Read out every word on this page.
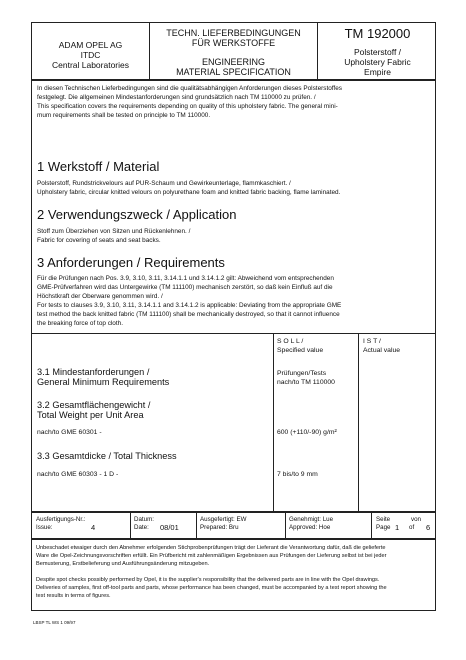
ADAM OPEL AG
ITDC
Central Laboratories
TECHN. LIEFERBEDINGUNGEN
FÜR WERKSTOFFE
ENGINEERING
MATERIAL SPECIFICATION
TM 192000
Polsterstoff /
Upholstery Fabric
Empire
In diesen Technischen Lieferbedingungen sind die qualitätsabhängigen Anforderungen dieses Polsterstoffes
festgelegt. Die allgemeinen Mindestanforderungen sind grundsätzlich nach TM 110000 zu prüfen. /
This specification covers the requirements depending on quality of this upholstery fabric. The general mini-
mum requirements shall be tested on principle to TM 110000.
1 Werkstoff / Material
Polsterstoff, Rundstrickvelours auf PUR-Schaum und Gewirkeunterlage, flammkaschiert. /
Upholstery fabric, circular knitted velours on polyurethane foam and knitted fabric backing, flame laminated.
2 Verwendungszweck / Application
Stoff zum Überziehen von Sitzen und Rückenlehnen. /
Fabric for covering of seats and seat backs.
3 Anforderungen / Requirements
Für die Prüfungen nach Pos. 3.9, 3.10, 3.11, 3.14.1.1 und 3.14.1.2 gilt: Abweichend vom entsprechenden
GME-Prüfverfahren wird das Untergewirke (TM 111100) mechanisch zerstört, so daß kein Einfluß auf die
Höchstkraft der Oberware genommen wird. /
For tests to clauses 3.9, 3.10, 3.11, 3.14.1.1 and 3.14.1.2 is applicable: Deviating from the appropriate GME
test method the back knitted fabric (TM 111100) shall be mechanically destroyed, so that it cannot influence
the breaking force of top cloth.
S O L L /
Specified value
I S T /
Actual value
3.1 Mindestanforderungen /
General Minimum Requirements
Prüfungen/Tests
nach/to TM 110000
3.2 Gesamtflächengewicht /
Total Weight per Unit Area
nach/to GME 60301 -	600 (+110/-90) g/m²
3.3 Gesamtdicke / Total Thickness
nach/to GME 60303 - 1 D -	7 bis/to 9 mm
Ausfertigungs-Nr.:
Issue:	4
Datum:
Date: 08/01
Ausgefertigt: EW
Prepared: Bru
Genehmigt: Lue
Approved: Hoe
Seite	von
Page 1 of 6
Unbeschadet etwaiger durch den Abnehmer erfolgenden Stichprobenprüfungen trägt der Lieferant die Verantwortung dafür, daß die gelieferte
Ware die Opel-Zeichnungsvorschriften erfüllt. Ein Prüfbericht mit zahlenmäßigen Ergebnissen aus Prüfungen der Lieferung selbst ist bei jeder
Bemusterung, Erstbelieferung und Ausführungsänderung mitzugeben.
Despite spot checks possibly performed by Opel, it is the supplier's responsibility that the delivered parts are in line with the Opel drawings.
Deliveries of samples, first off-tool parts and parts, whose performance has been changed, must be accompanied by a test report showing the
test results in terms of figures.
LBSP TL WS 1 09/97
